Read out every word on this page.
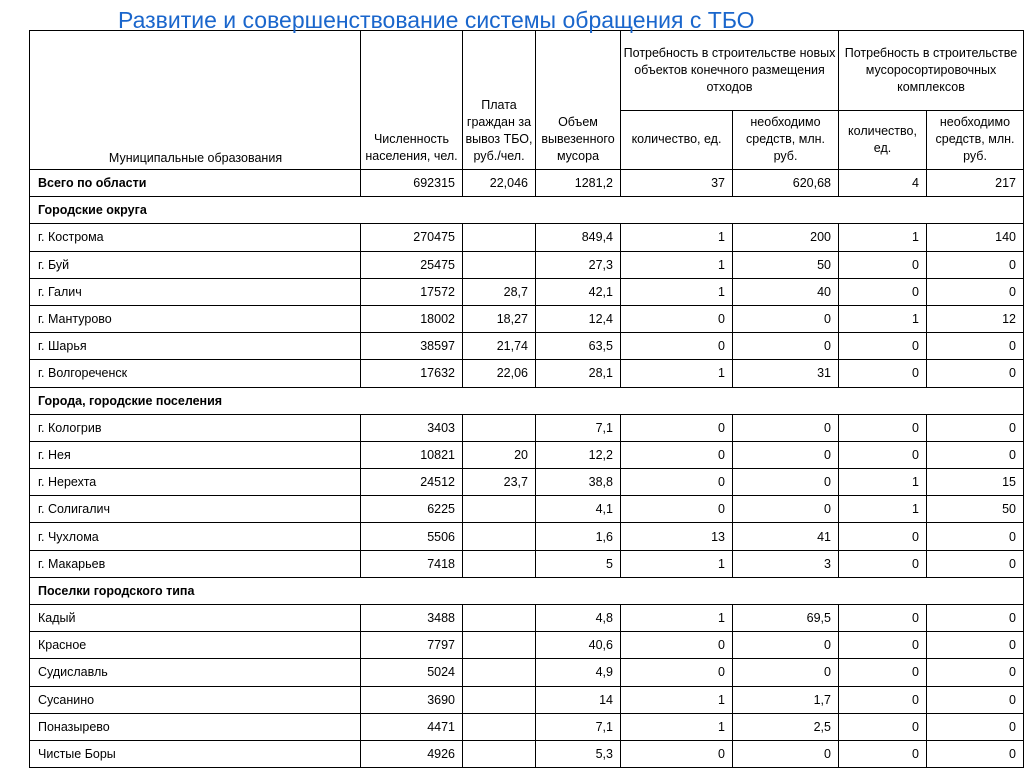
Развитие и совершенствование системы обращения с ТБО
Муниципальные образования	Численность населения, чел.	Плата граждан за вывоз ТБО, руб./чел.	Объем вывезенного мусора	Потребность в строительстве новых объектов конечного размещения отходов		Потребность в строительстве мусоросортировочных комплексов	
				количество, ед.	необходимо средств, млн. руб.	количество, ед.	необходимо средств, млн. руб.
Всего по области	692315	22,046	1281,2	37	620,68	4	217
Городские округа							
г. Кострома	270475		849,4	1	200	1	140
г. Буй	25475		27,3	1	50	0	0
г. Галич	17572	28,7	42,1	1	40	0	0
г. Мантурово	18002	18,27	12,4	0	0	1	12
г. Шарья	38597	21,74	63,5	0	0	0	0
г. Волгореченск	17632	22,06	28,1	1	31	0	0
Города, городские поселения							
г. Кологрив	3403		7,1	0	0	0	0
г. Нея	10821	20	12,2	0	0	0	0
г. Нерехта	24512	23,7	38,8	0	0	1	15
г. Солигалич	6225		4,1	0	0	1	50
г. Чухлома	5506		1,6	13	41	0	0
г. Макарьев	7418		5	1	3	0	0
Поселки городского типа							
Кадый	3488		4,8	1	69,5	0	0
Красное	7797		40,6	0	0	0	0
Судиславль	5024		4,9	0	0	0	0
Сусанино	3690		14	1	1,7	0	0
Поназырево	4471		7,1	1	2,5	0	0
Чистые Боры	4926		5,3	0	0	0	0
